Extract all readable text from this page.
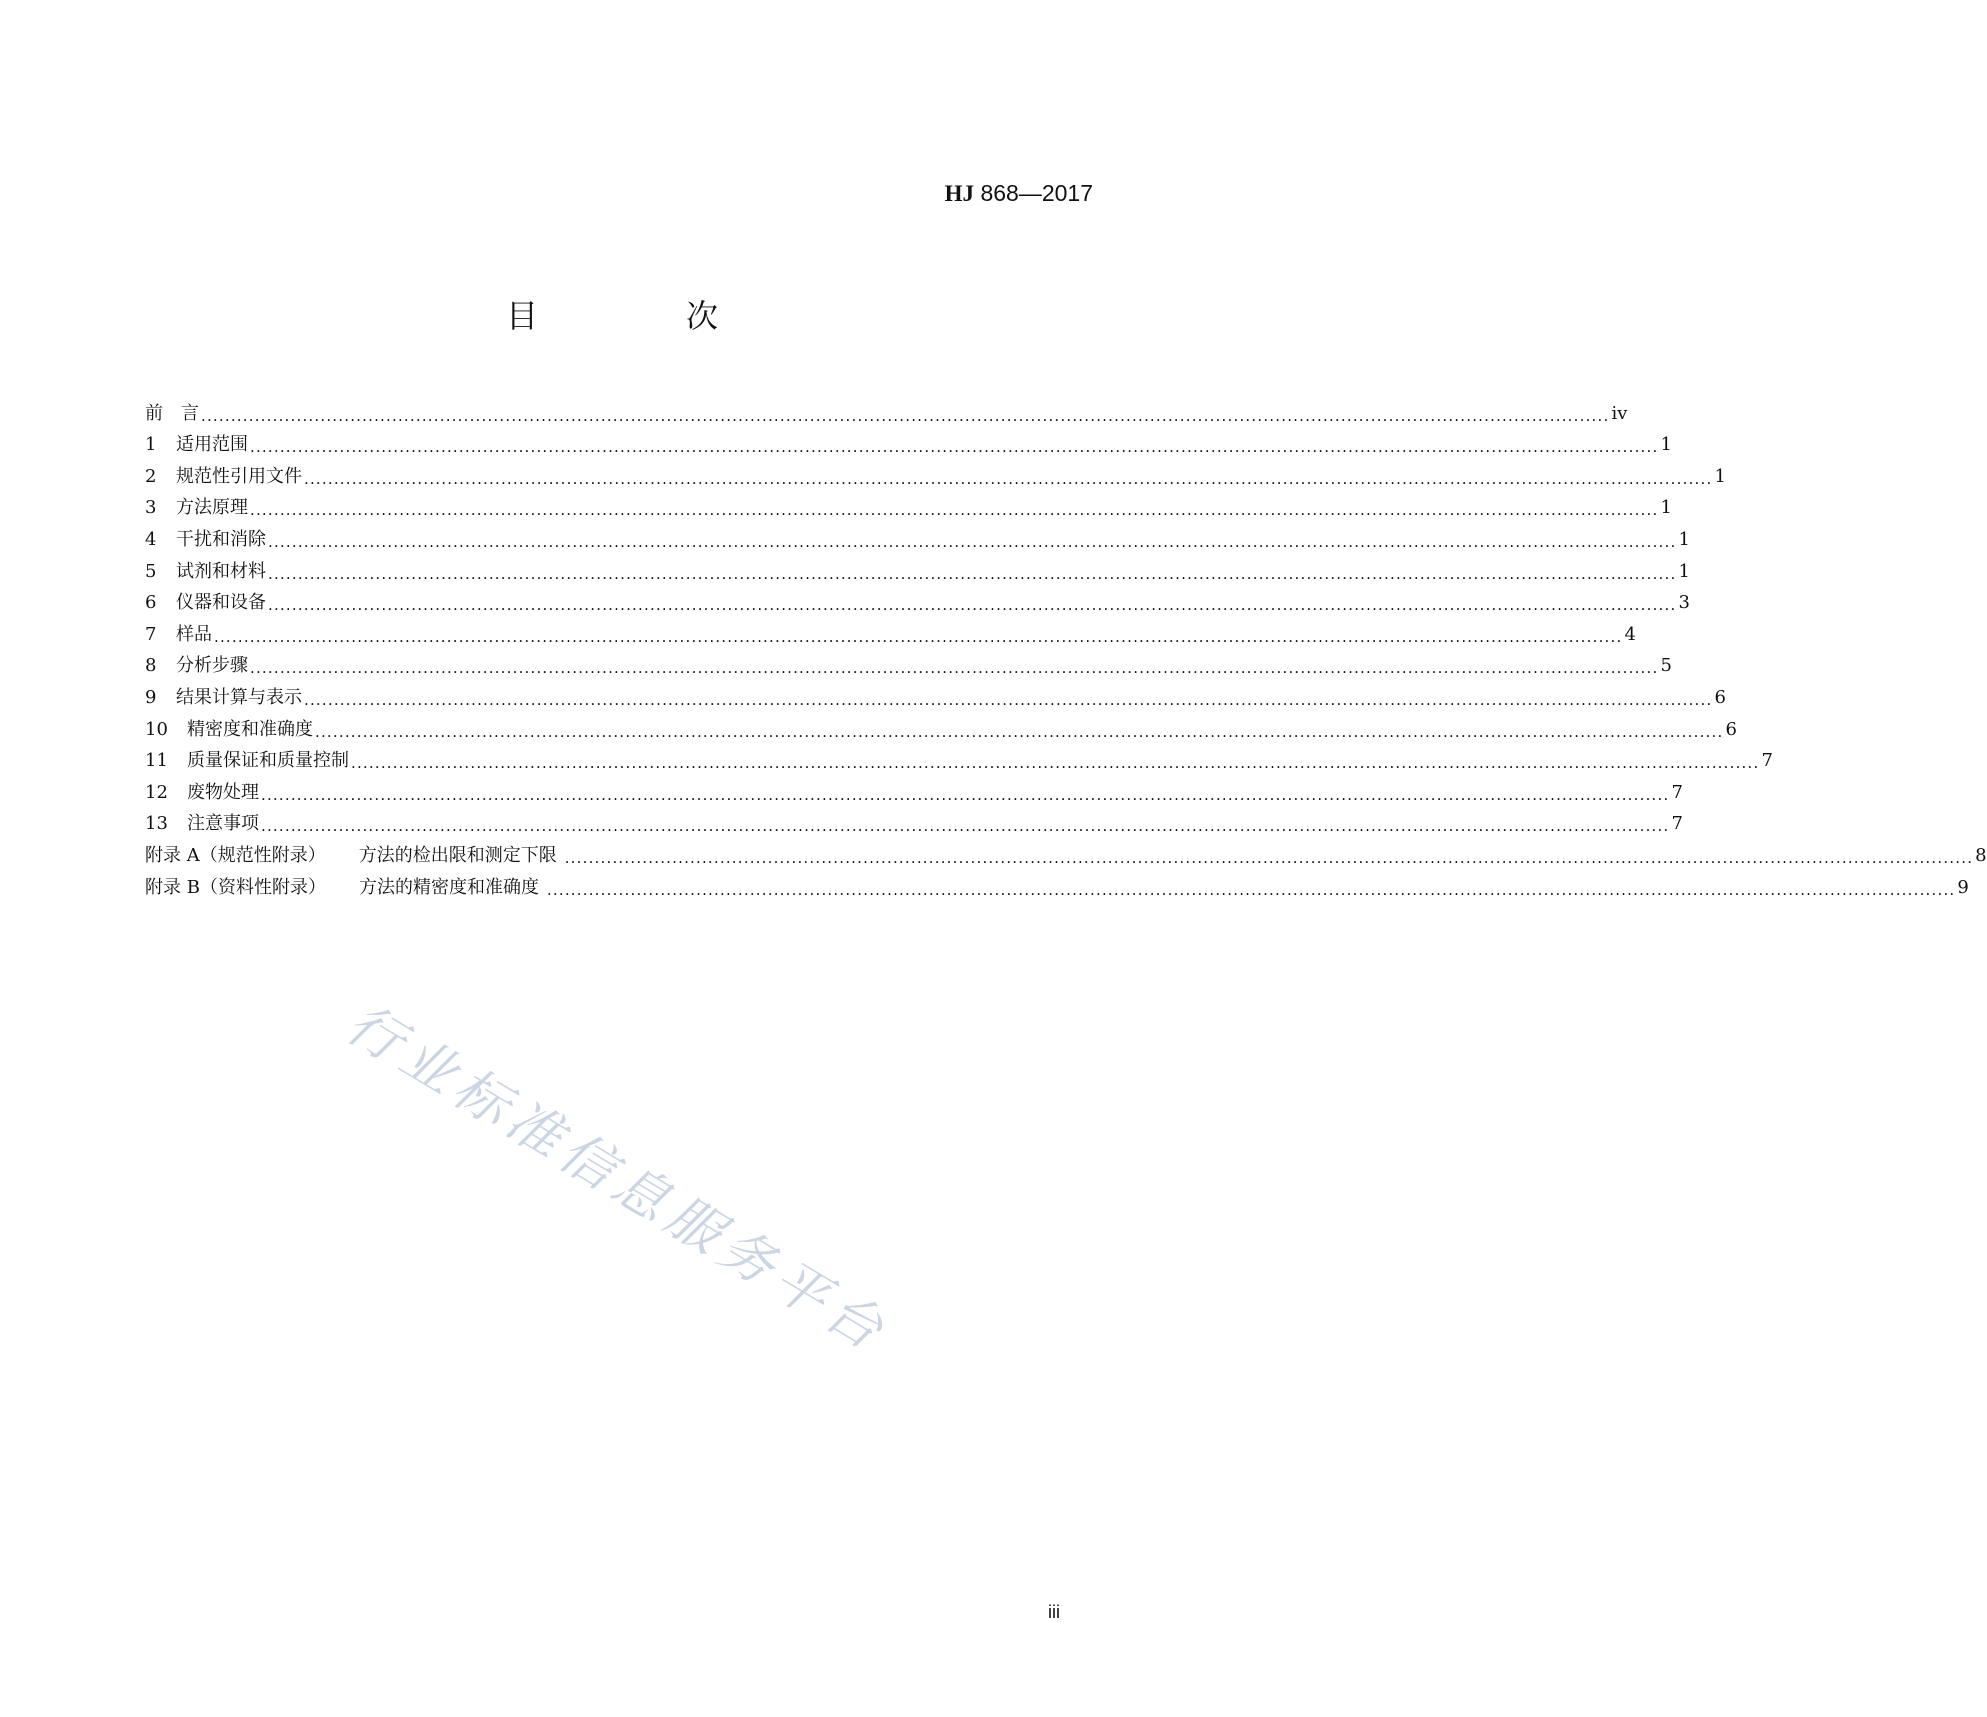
HJ 868—2017
目　次
前　言 ............................................................................................................................................................................................................................................ iv
1 适用范围 ............................................................................................................................................................................................................................................ 1
2 规范性引用文件 ............................................................................................................................................................................................................................................ 1
3 方法原理 ............................................................................................................................................................................................................................................ 1
4 干扰和消除 ............................................................................................................................................................................................................................................ 1
5 试剂和材料 ............................................................................................................................................................................................................................................ 1
6 仪器和设备 ............................................................................................................................................................................................................................................ 3
7 样品 ............................................................................................................................................................................................................................................ 4
8 分析步骤 ............................................................................................................................................................................................................................................ 5
9 结果计算与表示 ............................................................................................................................................................................................................................................ 6
10 精密度和准确度 ............................................................................................................................................................................................................................................ 6
11 质量保证和质量控制 ............................................................................................................................................................................................................................................ 7
12 废物处理 ............................................................................................................................................................................................................................................ 7
13 注意事项 ............................................................................................................................................................................................................................................ 7
附录 A（规范性附录） 方法的检出限和测定下限 ............................................................................................................................................................................................................................................ 8
附录 B（资料性附录） 方法的精密度和准确度 ............................................................................................................................................................................................................................................ 9
行业标准信息服务平台
iii
